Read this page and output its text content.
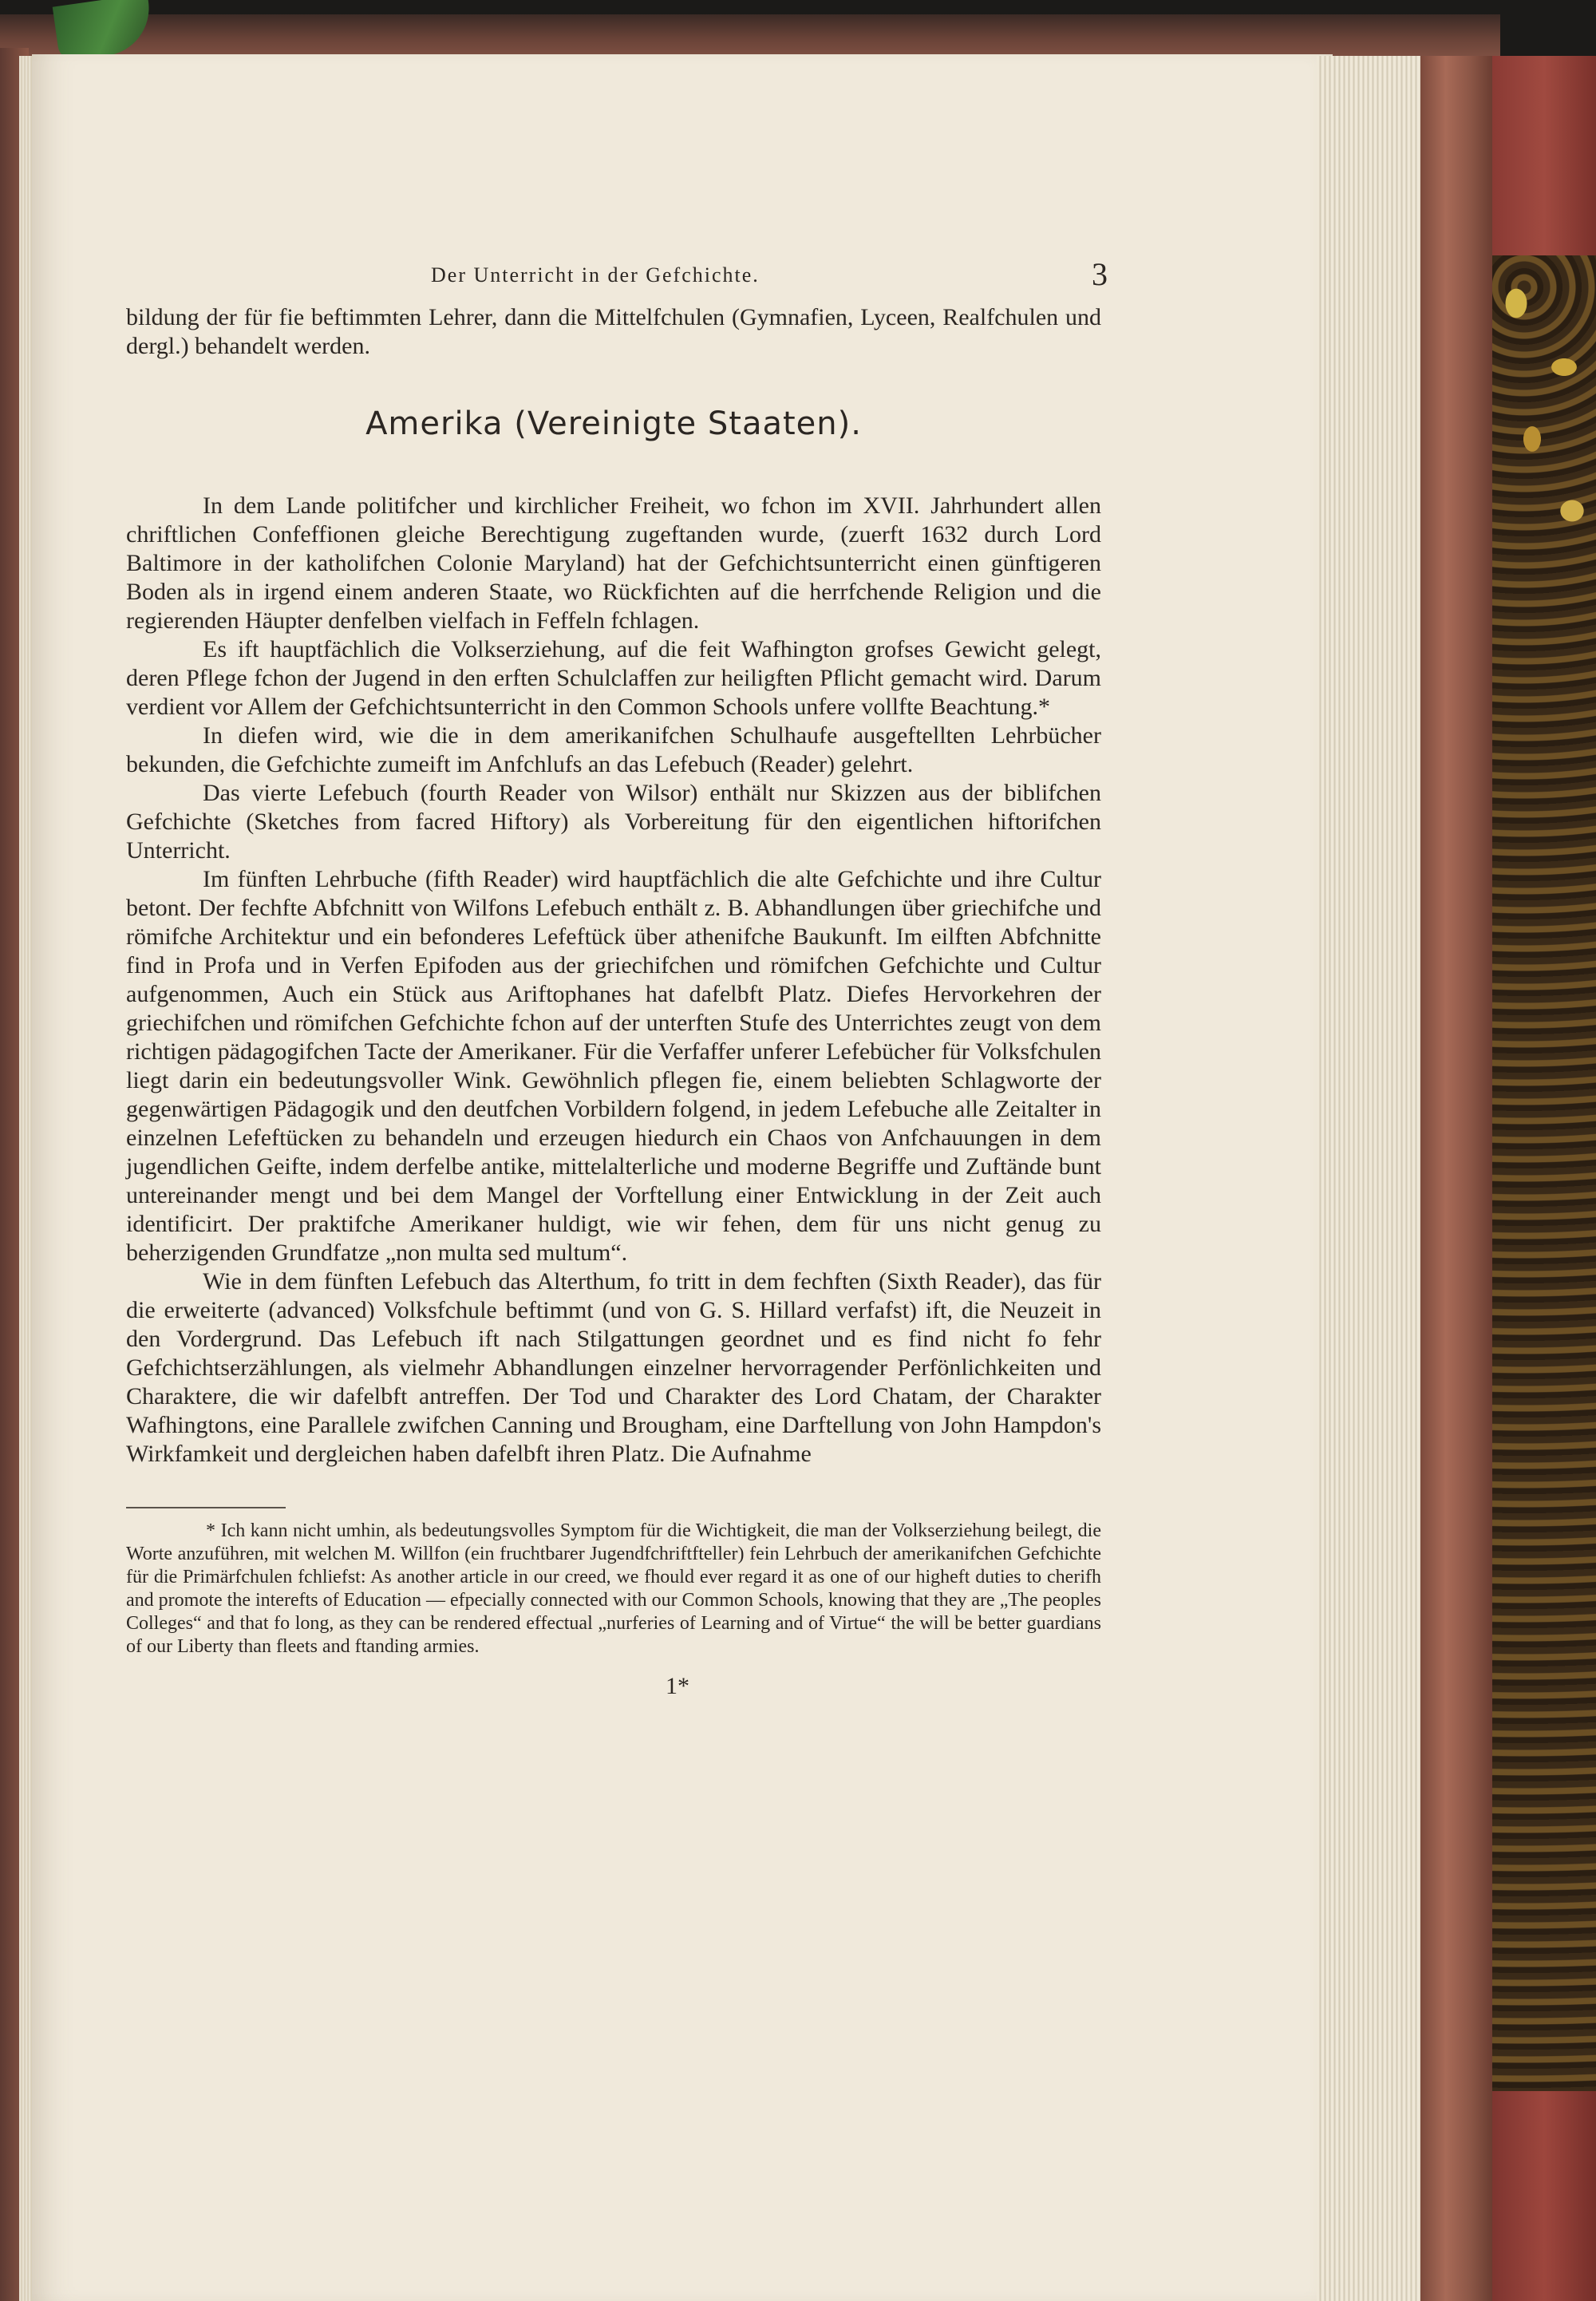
Der Unterricht in der Gefchichte.	3

bildung der für fie beftimmten Lehrer, dann die Mittelfchulen (Gymnafien, Lyceen, Realfchulen und dergl.) behandelt werden.

Amerika (Vereinigte Staaten).

In dem Lande politifcher und kirchlicher Freiheit, wo fchon im XVII. Jahrhundert allen chriftlichen Confeffionen gleiche Berechtigung zugeftanden wurde, (zuerft 1632 durch Lord Baltimore in der katholifchen Colonie Maryland) hat der Gefchichtsunterricht einen günftigeren Boden als in irgend einem anderen Staate, wo Rückfichten auf die herrfchende Religion und die regierenden Häupter denfelben vielfach in Feffeln fchlagen.

Es ift hauptfächlich die Volkserziehung, auf die feit Wafhington grofses Gewicht gelegt, deren Pflege fchon der Jugend in den erften Schulclaffen zur heiligften Pflicht gemacht wird. Darum verdient vor Allem der Gefchichtsunterricht in den Common Schools unfere vollfte Beachtung.*

In diefen wird, wie die in dem amerikanifchen Schulhaufe ausgeftellten Lehrbücher bekunden, die Gefchichte zumeift im Anfchlufs an das Lefebuch (Reader) gelehrt.

Das vierte Lefebuch (fourth Reader von Wilsor) enthält nur Skizzen aus der biblifchen Gefchichte (Sketches from facred Hiftory) als Vorbereitung für den eigentlichen hiftorifchen Unterricht.

Im fünften Lehrbuche (fifth Reader) wird hauptfächlich die alte Gefchichte und ihre Cultur betont. Der fechfte Abfchnitt von Wilfons Lefebuch enthält z. B. Abhandlungen über griechifche und römifche Architektur und ein befonderes Lefeftück über athenifche Baukunft. Im eilften Abfchnitte find in Profa und in Verfen Epifoden aus der griechifchen und römifchen Gefchichte und Cultur aufgenommen, Auch ein Stück aus Ariftophanes hat dafelbft Platz. Diefes Hervorkehren der griechifchen und römifchen Gefchichte fchon auf der unterften Stufe des Unterrichtes zeugt von dem richtigen pädagogifchen Tacte der Amerikaner. Für die Verfaffer unferer Lefebücher für Volksfchulen liegt darin ein bedeutungsvoller Wink. Gewöhnlich pflegen fie, einem beliebten Schlagworte der gegenwärtigen Pädagogik und den deutfchen Vorbildern folgend, in jedem Lefebuche alle Zeitalter in einzelnen Lefeftücken zu behandeln und erzeugen hiedurch ein Chaos von Anfchauungen in dem jugendlichen Geifte, indem derfelbe antike, mittelalterliche und moderne Begriffe und Zuftände bunt untereinander mengt und bei dem Mangel der Vorftellung einer Entwicklung in der Zeit auch identificirt. Der praktifche Amerikaner huldigt, wie wir fehen, dem für uns nicht genug zu beherzigenden Grundfatze „non multa sed multum“.

Wie in dem fünften Lefebuch das Alterthum, fo tritt in dem fechften (Sixth Reader), das für die erweiterte (advanced) Volksfchule beftimmt (und von G. S. Hillard verfafst) ift, die Neuzeit in den Vordergrund. Das Lefebuch ift nach Stilgattungen geordnet und es find nicht fo fehr Gefchichtserzählungen, als vielmehr Abhandlungen einzelner hervorragender Perfönlichkeiten und Charaktere, die wir dafelbft antreffen. Der Tod und Charakter des Lord Chatam, der Charakter Wafhingtons, eine Parallele zwifchen Canning und Brougham, eine Darftellung von John Hampdon's Wirkfamkeit und dergleichen haben dafelbft ihren Platz. Die Aufnahme

* Ich kann nicht umhin, als bedeutungsvolles Symptom für die Wichtigkeit, die man der Volkserziehung beilegt, die Worte anzuführen, mit welchen M. Willfon (ein fruchtbarer Jugendfchriftfteller) fein Lehrbuch der amerikanifchen Gefchichte für die Primärfchulen fchliefst: As another article in our creed, we fhould ever regard it as one of our higheft duties to cherifh and promote the interefts of Education — efpecially connected with our Common Schools, knowing that they are „The peoples Colleges“ and that fo long, as they can be rendered effectual „nurferies of Learning and of Virtue“ the will be better guardians of our Liberty than fleets and ftanding armies.

1*
